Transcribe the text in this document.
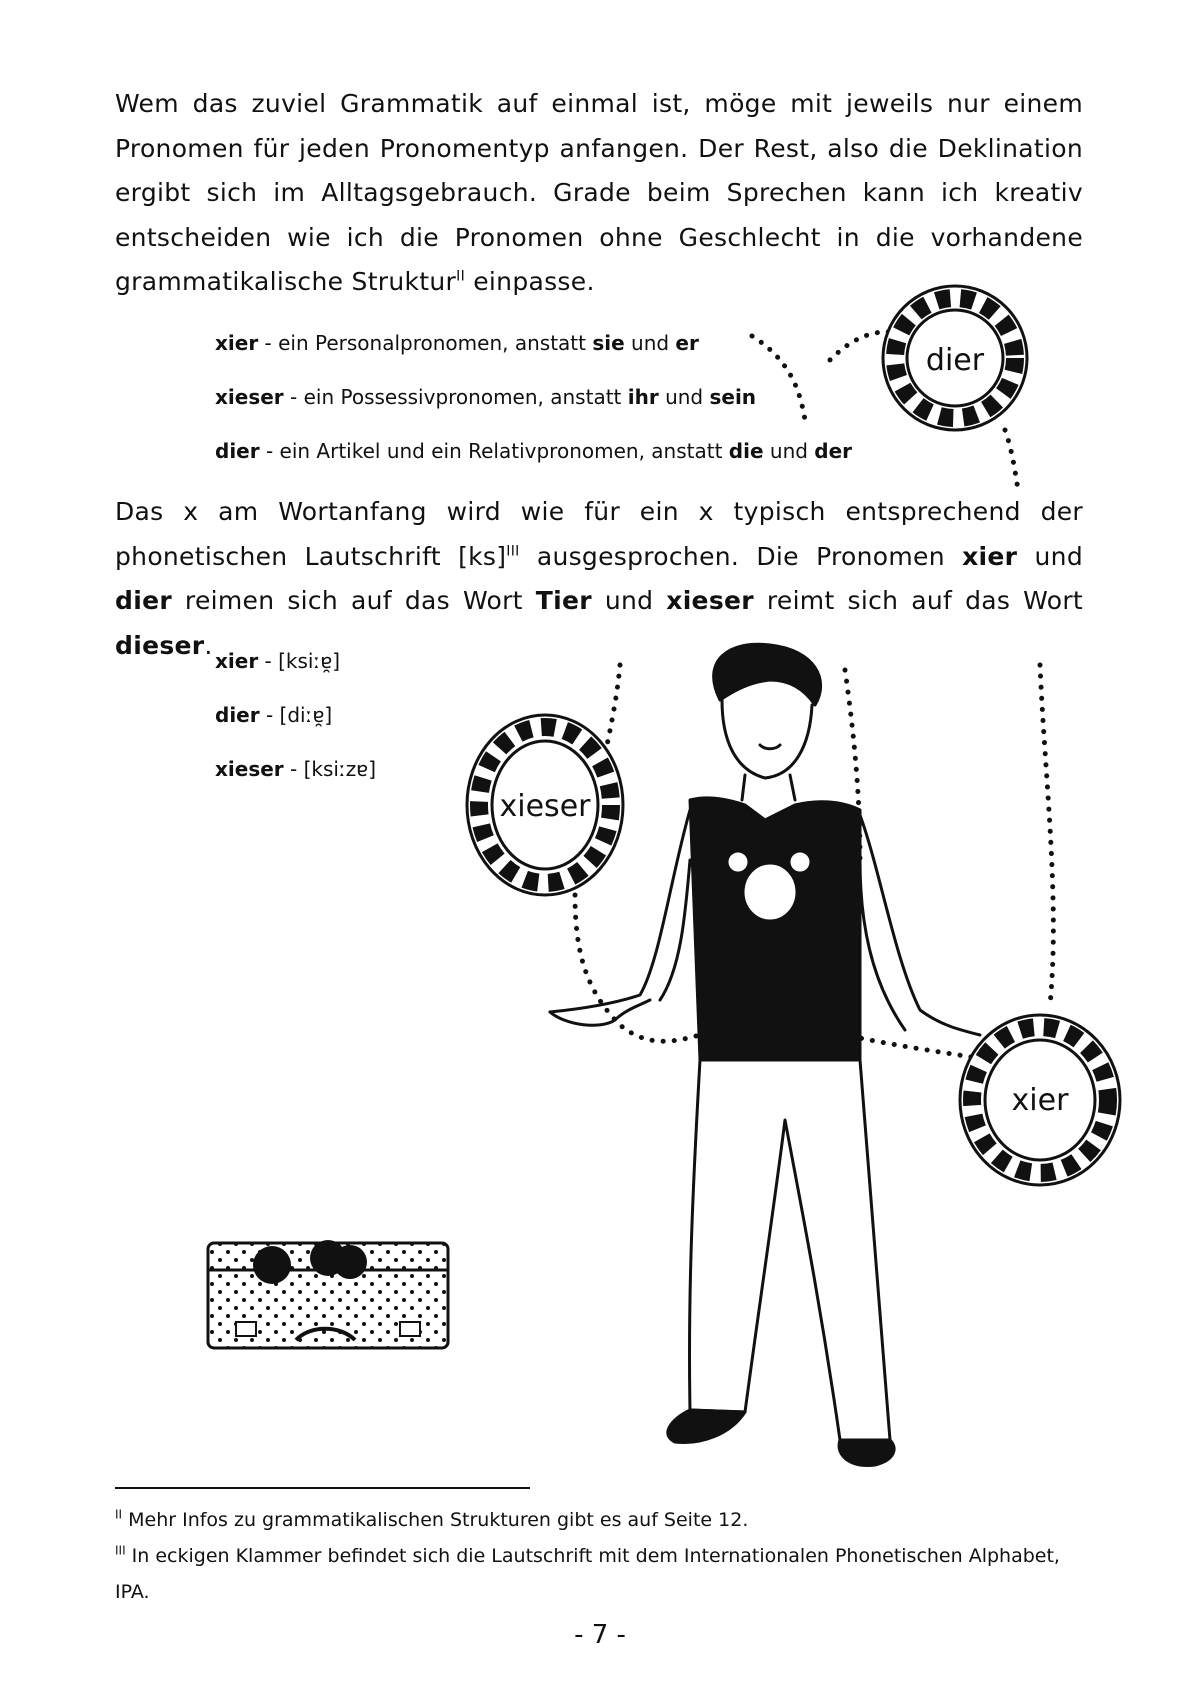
Wem das zuviel Grammatik auf einmal ist, möge mit jeweils nur einem Pronomen für jeden Pronomentyp anfangen. Der Rest, also die Deklination ergibt sich im Alltagsgebrauch. Grade beim Sprechen kann ich kreativ entscheiden wie ich die Pronomen ohne Geschlecht in die vorhandene grammatikalische Struktur$^{II}$ einpasse.
xier - ein Personalpronomen, anstatt sie und er
xieser - ein Possessivpronomen, anstatt ihr und sein
dier - ein Artikel und ein Relativpronomen, anstatt die und der
Das x am Wortanfang wird wie für ein x typisch entsprechend der phonetischen Lautschrift [ks]$^{III}$ ausgesprochen. Die Pronomen xier und dier reimen sich auf das Wort Tier und xieser reimt sich auf das Wort dieser.
xier - [ksiːɐ̯]
dier - [diːɐ̯]
xieser - [ksiːzɐ]
dier
xieser
xier
$^{II}$ Mehr Infos zu grammatikalischen Strukturen gibt es auf Seite 12.
$^{III}$ In eckigen Klammer befindet sich die Lautschrift mit dem Internationalen Phonetischen Alphabet, IPA.
- 7 -
